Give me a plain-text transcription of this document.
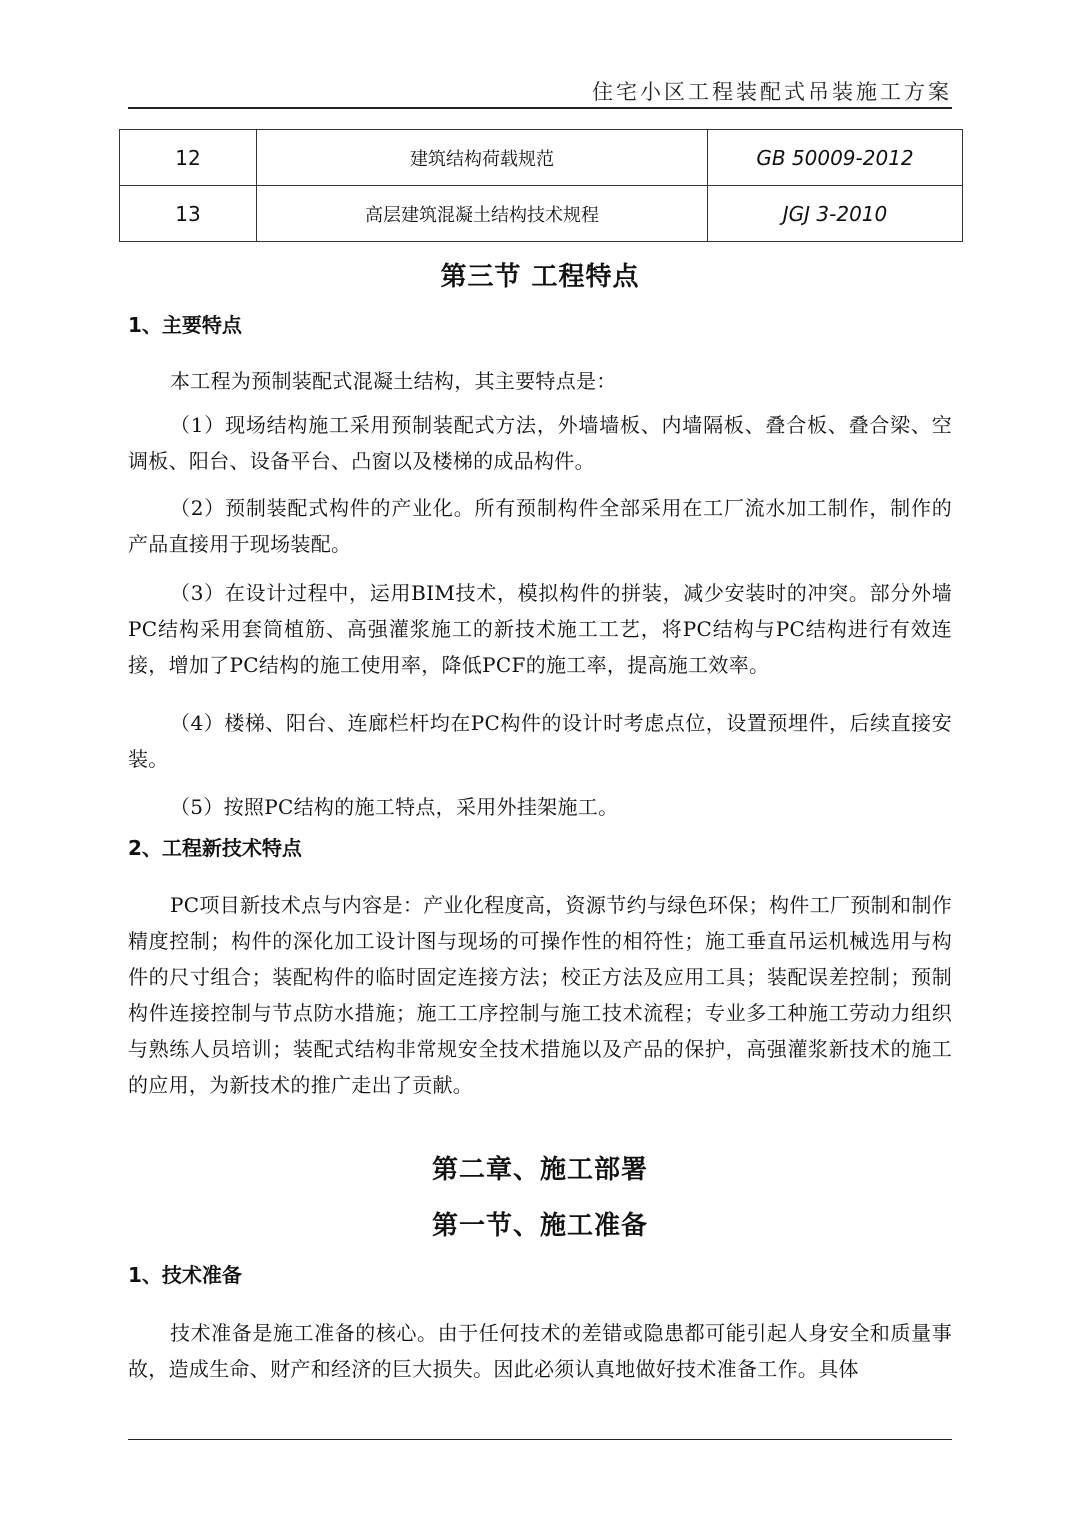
住宅小区工程装配式吊装施工方案
12	建筑结构荷载规范	GB 50009-2012
13	高层建筑混凝土结构技术规程	JGJ 3-2010
第三节 工程特点
1、主要特点

本工程为预制装配式混凝土结构，其主要特点是：

（1）现场结构施工采用预制装配式方法，外墙墙板、内墙隔板、叠合板、叠合梁、空调板、阳台、设备平台、凸窗以及楼梯的成品构件。

（2）预制装配式构件的产业化。所有预制构件全部采用在工厂流水加工制作，制作的产品直接用于现场装配。

（3）在设计过程中，运用BIM技术，模拟构件的拼装，减少安装时的冲突。部分外墙PC结构采用套筒植筋、高强灌浆施工的新技术施工工艺，将PC结构与PC结构进行有效连接，增加了PC结构的施工使用率，降低PCF的施工率，提高施工效率。

（4）楼梯、阳台、连廊栏杆均在PC构件的设计时考虑点位，设置预埋件，后续直接安装。

（5）按照PC结构的施工特点，采用外挂架施工。

2、工程新技术特点

PC项目新技术点与内容是：产业化程度高，资源节约与绿色环保；构件工厂预制和制作精度控制；构件的深化加工设计图与现场的可操作性的相符性；施工垂直吊运机械选用与构件的尺寸组合；装配构件的临时固定连接方法；校正方法及应用工具；装配误差控制；预制构件连接控制与节点防水措施；施工工序控制与施工技术流程；专业多工种施工劳动力组织与熟练人员培训；装配式结构非常规安全技术措施以及产品的保护，高强灌浆新技术的施工的应用，为新技术的推广走出了贡献。

第二章、施工部署
第一节、施工准备
1、技术准备

技术准备是施工准备的核心。由于任何技术的差错或隐患都可能引起人身安全和质量事故，造成生命、财产和经济的巨大损失。因此必须认真地做好技术准备工作。具体
